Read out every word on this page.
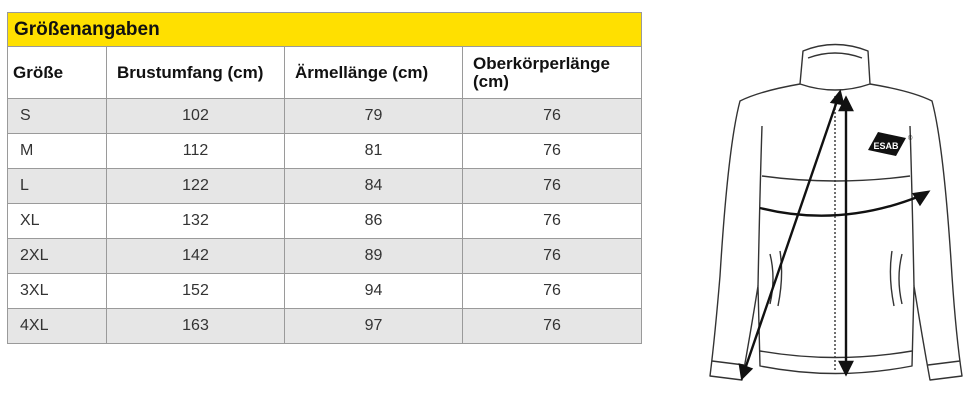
Größenangaben			
Größe	Brustumfang (cm)	Ärmellänge (cm)	Oberkörperlänge (cm)
S	102	79	76
M	112	81	76
L	122	84	76
XL	132	86	76
2XL	142	89	76
3XL	152	94	76
4XL	163	97	76
ESAB
®
